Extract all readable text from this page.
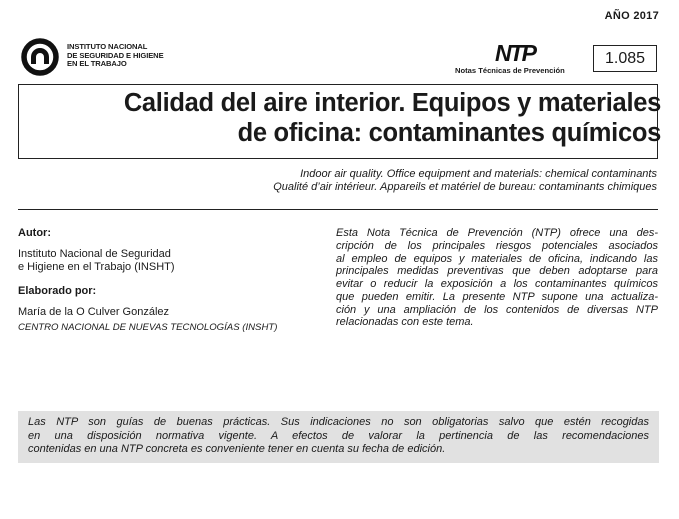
AÑO 2017
INSTITUTO NACIONAL
DE SEGURIDAD E HIGIENE
EN EL TRABAJO	NTP
Notas Técnicas de Prevención
1.085
Calidad del aire interior. Equipos y materiales
de oficina: contaminantes químicos
Indoor air quality. Office equipment and materials: chemical contaminants
Qualité d’air intérieur. Appareils et matériel de bureau: contaminants chimiques
Autor:
Instituto Nacional de Seguridad
e Higiene en el Trabajo (INSHT)
Elaborado por:
María de la O Culver González
CENTRO NACIONAL DE NUEVAS TECNOLOGÍAS (INSHT)
Esta Nota Técnica de Prevención (NTP) ofrece una des-
cripción de los principales riesgos potenciales asociados
al empleo de equipos y materiales de oficina, indicando las
principales medidas preventivas que deben adoptarse para
evitar o reducir la exposición a los contaminantes químicos
que pueden emitir. La presente NTP supone una actualiza-
ción y una ampliación de los contenidos de diversas NTP
relacionadas con este tema.
Las NTP son guías de buenas prácticas. Sus indicaciones no son obligatorias salvo que estén recogidas
en una disposición normativa vigente. A efectos de valorar la pertinencia de las recomendaciones
contenidas en una NTP concreta es conveniente tener en cuenta su fecha de edición.
